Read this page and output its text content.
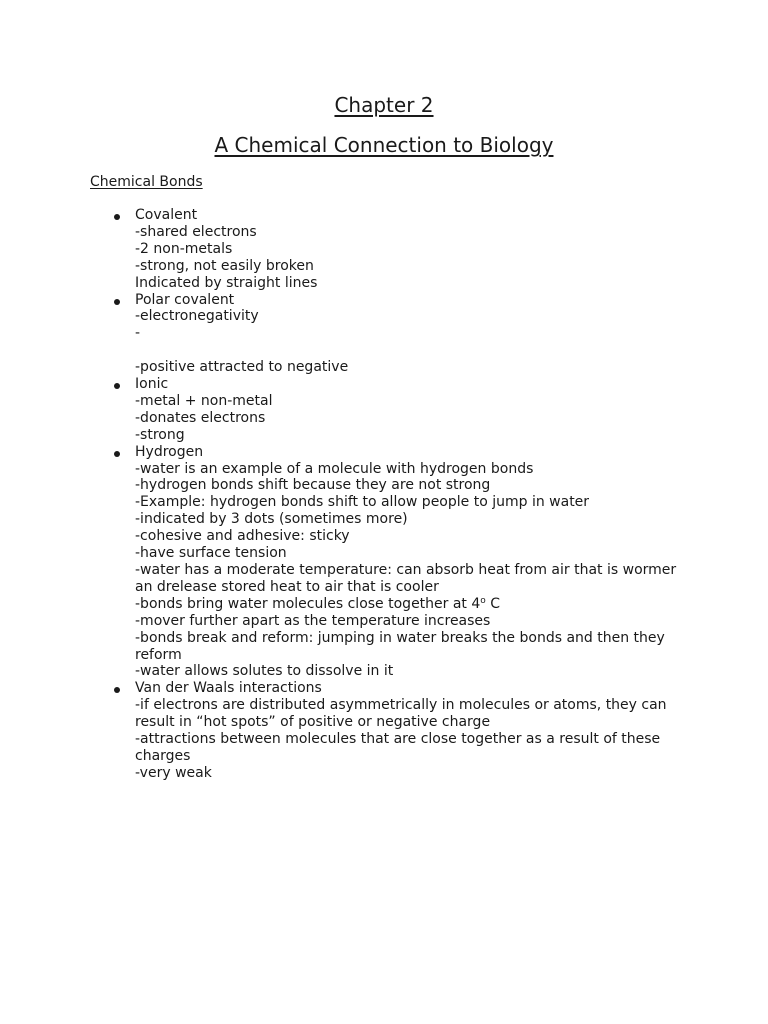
Chapter 2
A Chemical Connection to Biology
Chemical Bonds
Covalent
-shared electrons
-2 non-metals
-strong, not easily broken
Indicated by straight lines
Polar covalent
-electronegativity
-
-positive attracted to negative
Ionic
-metal + non-metal
-donates electrons
-strong
Hydrogen
-water is an example of a molecule with hydrogen bonds
-hydrogen bonds shift because they are not strong
-Example: hydrogen bonds shift to allow people to jump in water
-indicated by 3 dots (sometimes more)
-cohesive and adhesive: sticky
-have surface tension
-water has a moderate temperature: can absorb heat from air that is wormer
an drelease stored heat to air that is cooler
-bonds bring water molecules close together at 4$^o$ C
-mover further apart as the temperature increases
-bonds break and reform: jumping in water breaks the bonds and then they
reform
-water allows solutes to dissolve in it
Van der Waals interactions
-if electrons are distributed asymmetrically in molecules or atoms, they can
result in “hot spots” of positive or negative charge
-attractions between molecules that are close together as a result of these
charges
-very weak
